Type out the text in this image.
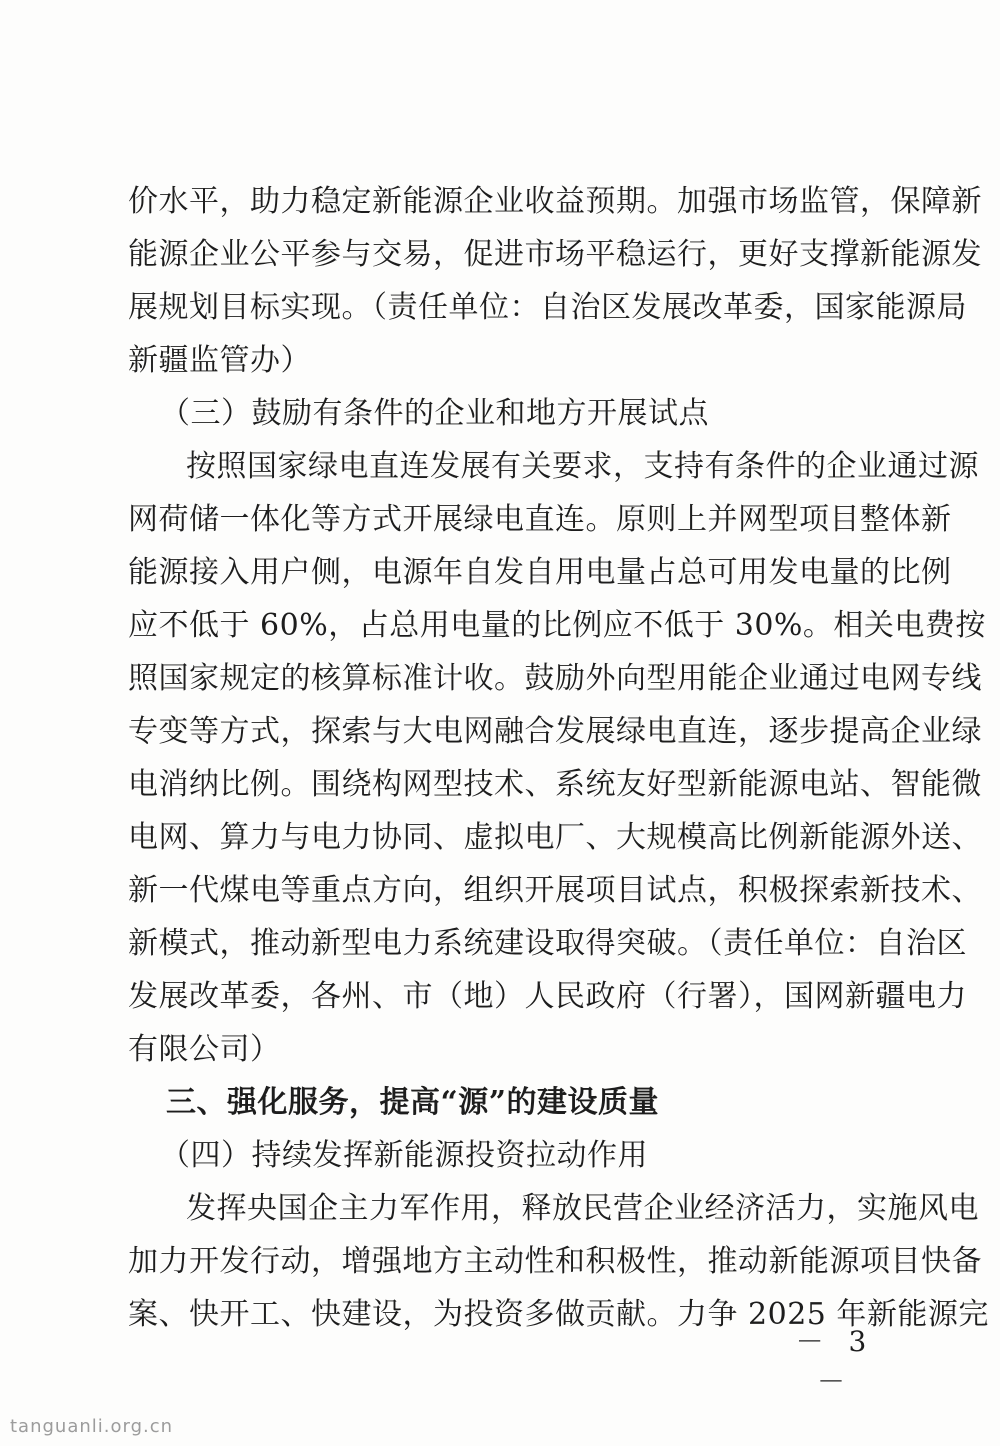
价水平，助力稳定新能源企业收益预期。加强市场监管，保障新
能源企业公平参与交易，促进市场平稳运行，更好支撑新能源发
展规划目标实现。（责任单位：自治区发展改革委，国家能源局
新疆监管办）
（三）鼓励有条件的企业和地方开展试点
按照国家绿电直连发展有关要求，支持有条件的企业通过源
网荷储一体化等方式开展绿电直连。原则上并网型项目整体新
能源接入用户侧，电源年自发自用电量占总可用发电量的比例
应不低于 60%，占总用电量的比例应不低于 30%。相关电费按
照国家规定的核算标准计收。鼓励外向型用能企业通过电网专线
专变等方式，探索与大电网融合发展绿电直连，逐步提高企业绿
电消纳比例。围绕构网型技术、系统友好型新能源电站、智能微
电网、算力与电力协同、虚拟电厂、大规模高比例新能源外送、
新一代煤电等重点方向，组织开展项目试点，积极探索新技术、
新模式，推动新型电力系统建设取得突破。（责任单位：自治区
发展改革委，各州、市（地）人民政府（行署），国网新疆电力
有限公司）
三、强化服务，提高“源”的建设质量
（四）持续发挥新能源投资拉动作用
发挥央国企主力军作用，释放民营企业经济活力，实施风电
加力开发行动，增强地方主动性和积极性，推动新能源项目快备
案、快开工、快建设，为投资多做贡献。力争 2025 年新能源完
－ 3 －
tanguanli.org.cn
